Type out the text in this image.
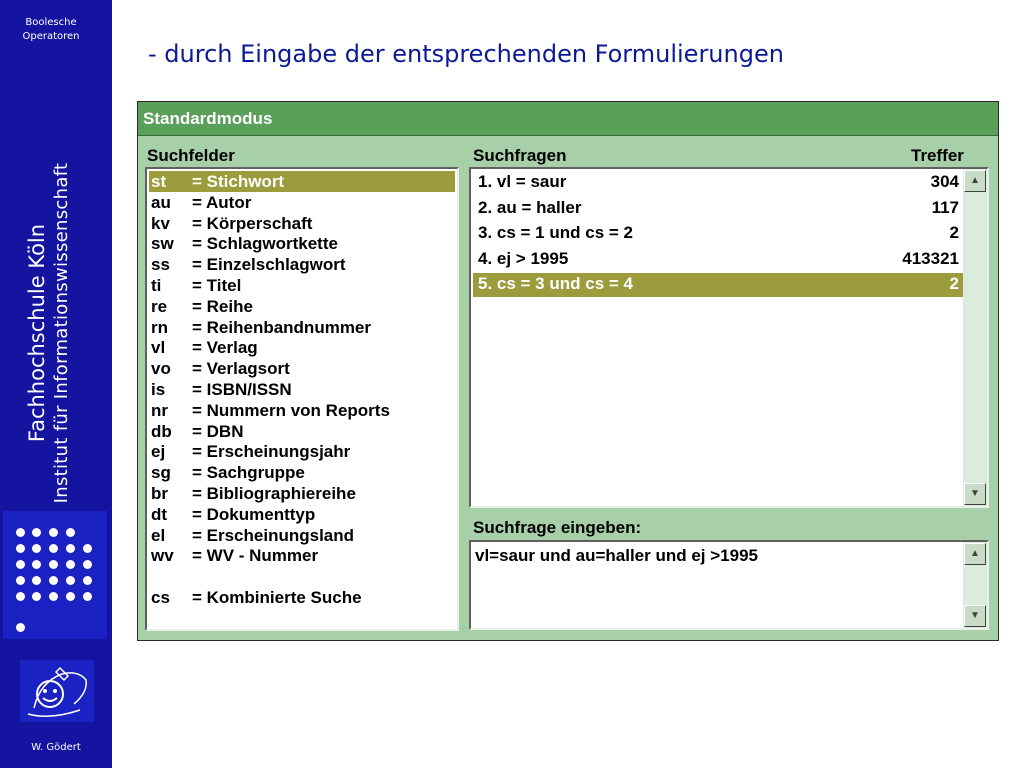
Boolesche
Operatoren
Fachhochschule Köln Institut für Informationswissenschaft
W. Gödert
- durch Eingabe der entsprechenden Formulierungen
Standardmodus
Suchfelder	Suchfragen	Treffer
st = Stichwort
au = Autor
kv = Körperschaft
sw = Schlagwortkette
ss = Einzelschlagwort
ti = Titel
re = Reihe
rn = Reihenbandnummer
vl = Verlag
vo = Verlagsort
is = ISBN/ISSN
nr = Nummern von Reports
db = DBN
ej = Erscheinungsjahr
sg = Sachgruppe
br = Bibliographiereihe
dt = Dokumenttyp
el = Erscheinungsland
wv = WV - Nummer
cs = Kombinierte Suche
▲
▼
1. vl = saur	304
2. au = haller	117
3. cs = 1 und cs = 2	2
4. ej > 1995	413321
5. cs = 3 und cs = 4	2
Suchfrage eingeben:
vl=saur und au=haller und ej >1995	▲
▼
